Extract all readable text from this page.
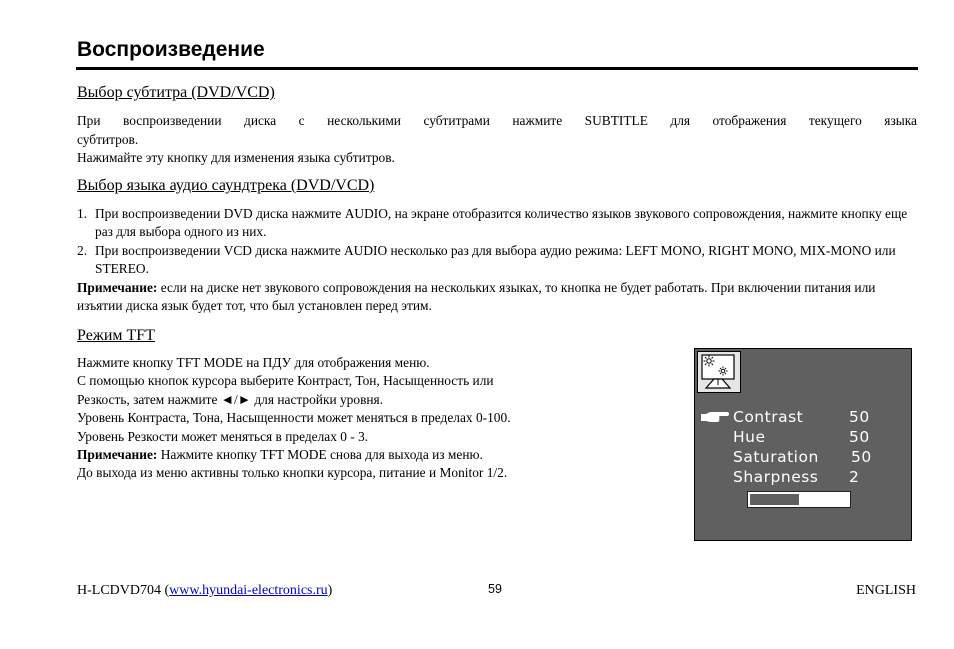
Воспроизведение
Выбор субтитра (DVD/VCD)
При воспроизведении диска с несколькими субтитрами нажмите SUBTITLE для отображения текущего языка
субтитров.
Нажимайте эту кнопку для изменения языка субтитров.
Выбор языка аудио саундтрека (DVD/VCD)
1. При воспроизведении DVD диска нажмите AUDIO, на экране отобразится количество языков звукового сопровождения, нажмите кнопку еще раз для выбора одного из них.
2. При воспроизведении VCD диска нажмите AUDIO несколько раз для выбора аудио режима: LEFT MONO, RIGHT MONO, MIX-MONO или STEREO.
Примечание: если на диске нет звукового сопровождения на нескольких языках, то кнопка не будет работать. При включении питания или изъятии диска язык будет тот, что был установлен перед этим.
Режим TFT
Нажмите кнопку TFT MODE на ПДУ для отображения меню.
С помощью кнопок курсора выберите Контраст, Тон, Насыщенность или
Резкость, затем нажмите ◄/► для настройки уровня.
Уровень Контраста, Тона, Насыщенности может меняться в пределах 0-100.
Уровень Резкости может меняться в пределах 0 - 3.
Примечание: Нажмите кнопку TFT MODE снова для выхода из меню.
До выхода из меню активны только кнопки курсора, питание и Monitor 1/2.
Contrast	50
Hue	50
Saturation 50
Sharpness 2
H-LCDVD704 (www.hyundai-electronics.ru)	59	ENGLISH
